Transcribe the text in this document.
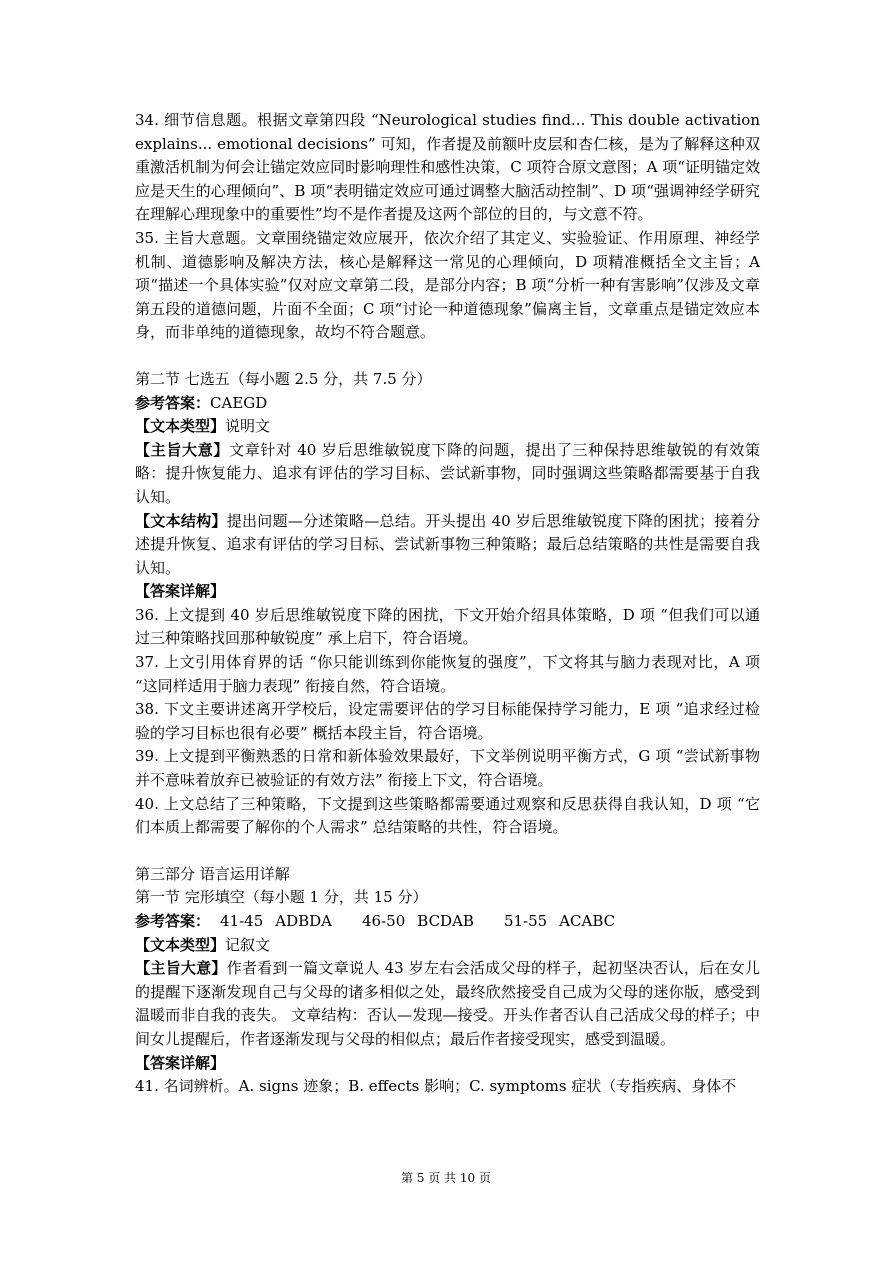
34. 细节信息题。根据文章第四段 “Neurological studies find... This double activation explains... emotional decisions” 可知，作者提及前额叶皮层和杏仁核，是为了解释这种双重激活机制为何会让锚定效应同时影响理性和感性决策，C 项符合原文意图；A 项“证明锚定效应是天生的心理倾向”、B 项“表明锚定效应可通过调整大脑活动控制”、D 项“强调神经学研究在理解心理现象中的重要性”均不是作者提及这两个部位的目的，与文意不符。

35. 主旨大意题。文章围绕锚定效应展开，依次介绍了其定义、实验验证、作用原理、神经学机制、道德影响及解决方法，核心是解释这一常见的心理倾向，D 项精准概括全文主旨；A 项“描述一个具体实验”仅对应文章第二段，是部分内容；B 项“分析一种有害影响”仅涉及文章第五段的道德问题，片面不全面；C 项“讨论一种道德现象”偏离主旨，文章重点是锚定效应本身，而非单纯的道德现象，故均不符合题意。

第二节 七选五（每小题 2.5 分，共 7.5 分）

参考答案：CAEGD

【文本类型】说明文

【主旨大意】文章针对 40 岁后思维敏锐度下降的问题，提出了三种保持思维敏锐的有效策略：提升恢复能力、追求有评估的学习目标、尝试新事物，同时强调这些策略都需要基于自我认知。

【文本结构】提出问题—分述策略—总结。开头提出 40 岁后思维敏锐度下降的困扰；接着分述提升恢复、追求有评估的学习目标、尝试新事物三种策略；最后总结策略的共性是需要自我认知。

【答案详解】

36. 上文提到 40 岁后思维敏锐度下降的困扰，下文开始介绍具体策略，D 项 “但我们可以通过三种策略找回那种敏锐度” 承上启下，符合语境。

37. 上文引用体育界的话 “你只能训练到你能恢复的强度”，下文将其与脑力表现对比，A 项 “这同样适用于脑力表现” 衔接自然，符合语境。

38. 下文主要讲述离开学校后，设定需要评估的学习目标能保持学习能力，E 项 “追求经过检验的学习目标也很有必要” 概括本段主旨，符合语境。

39. 上文提到平衡熟悉的日常和新体验效果最好，下文举例说明平衡方式，G 项 “尝试新事物并不意味着放弃已被验证的有效方法” 衔接上下文，符合语境。

40. 上文总结了三种策略，下文提到这些策略都需要通过观察和反思获得自我认知，D 项 “它们本质上都需要了解你的个人需求” 总结策略的共性，符合语境。

第三部分 语言运用详解

第一节 完形填空（每小题 1 分，共 15 分）

参考答案： 41-45 ADBDA 46-50 BCDAB 51-55 ACABC

【文本类型】记叙文

【主旨大意】作者看到一篇文章说人 43 岁左右会活成父母的样子，起初坚决否认，后在女儿的提醒下逐渐发现自己与父母的诸多相似之处，最终欣然接受自己成为父母的迷你版，感受到温暖而非自我的丧失。 文章结构：否认—发现—接受。开头作者否认自己活成父母的样子；中间女儿提醒后，作者逐渐发现与父母的相似点；最后作者接受现实，感受到温暖。

【答案详解】

41. 名词辨析。A. signs 迹象；B. effects 影响；C. symptoms 症状（专指疾病、身体不

第 5 页 共 10 页
